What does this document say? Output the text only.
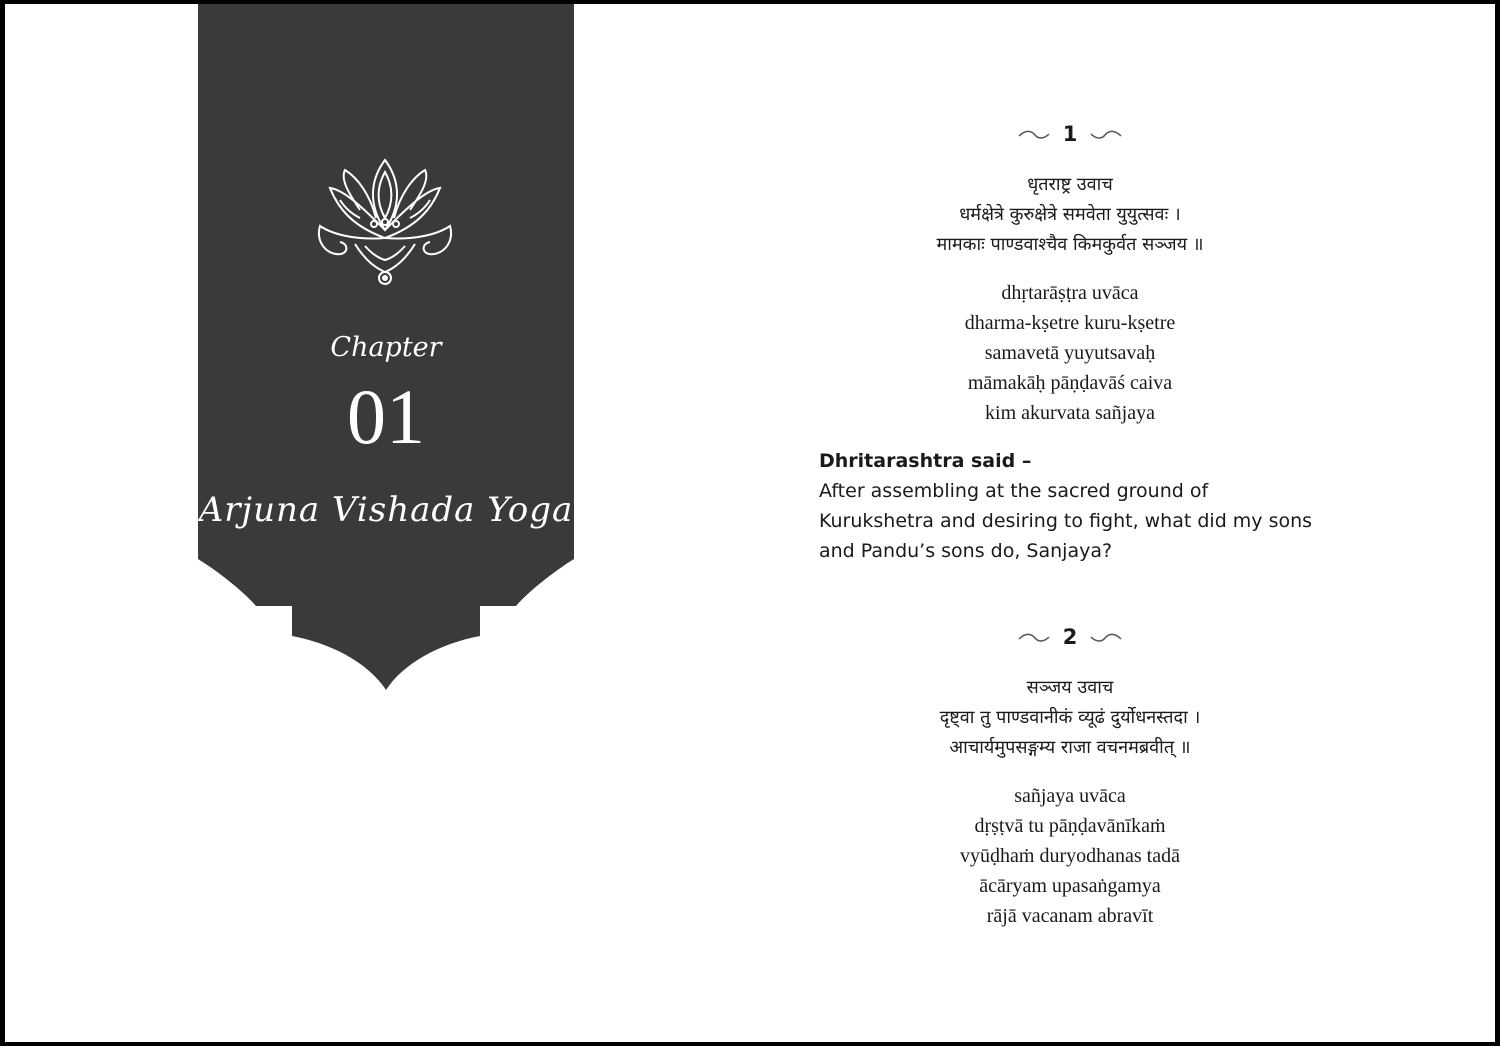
Chapter
01
Arjuna Vishada Yoga
1
धृतराष्ट्र उवाच
धर्मक्षेत्रे कुरुक्षेत्रे समवेता युयुत्सवः ।
मामकाः पाण्डवाश्चैव किमकुर्वत सञ्जय ॥
dhṛtarāṣṭra uvāca
dharma-kṣetre kuru-kṣetre
samavetā yuyutsavaḥ
māmakāḥ pāṇḍavāś caiva
kim akurvata sañjaya
Dhritarashtra said –
After assembling at the sacred ground of Kurukshetra and desiring to fight, what did my sons and Pandu’s sons do, Sanjaya?
2
सञ्जय उवाच
दृष्ट्वा तु पाण्डवानीकं व्यूढं दुर्योधनस्तदा ।
आचार्यमुपसङ्गम्य राजा वचनमब्रवीत् ॥
sañjaya uvāca
dṛṣṭvā tu pāṇḍavānīkaṁ
vyūḍhaṁ duryodhanas tadā
ācāryam upasaṅgamya
rājā vacanam abravīt
